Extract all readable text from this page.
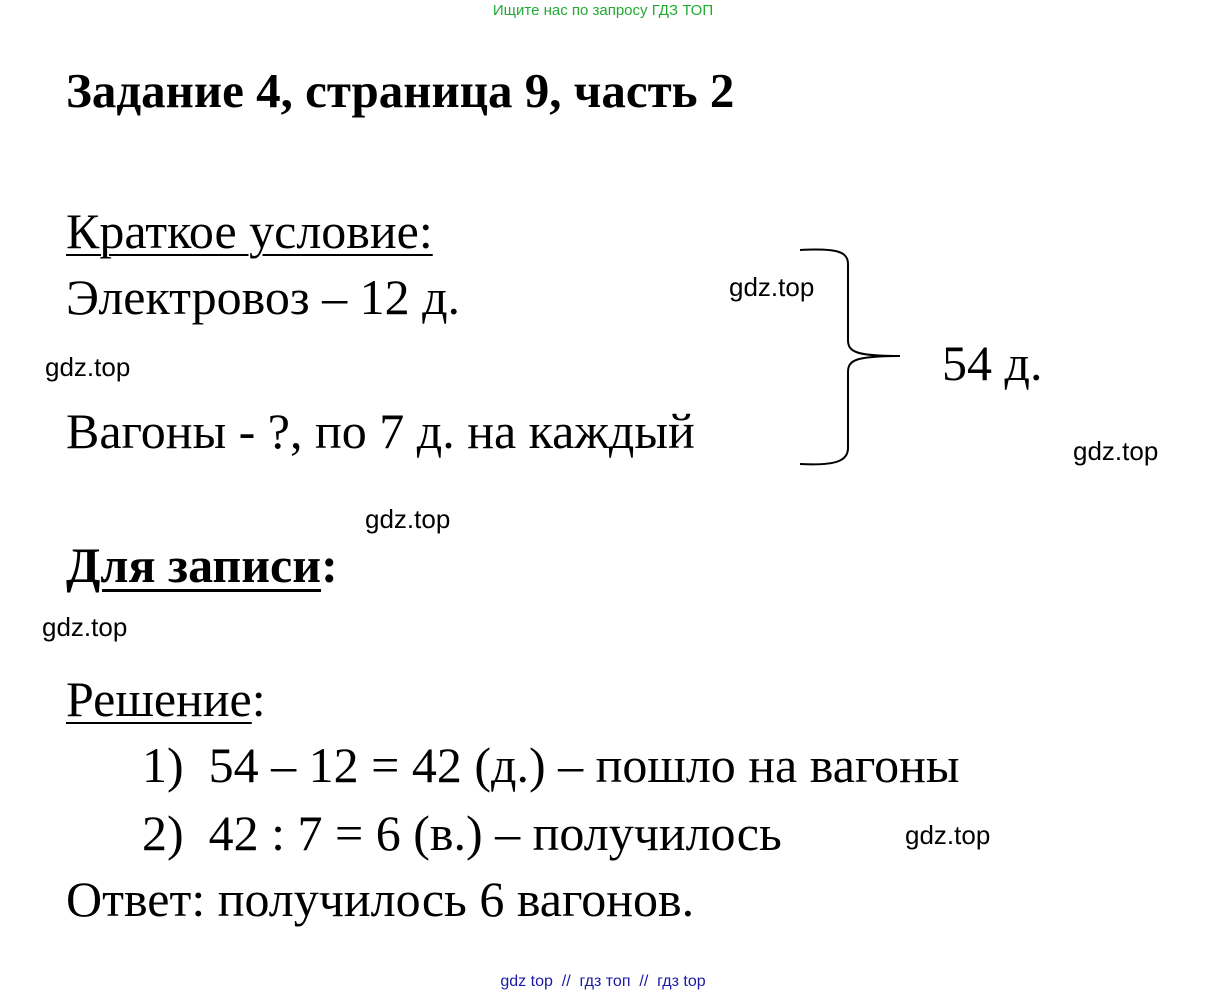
Ищите нас по запросу ГДЗ ТОП
Задание 4, страница 9, часть 2
Краткое условие:
Электровоз – 12 д.
Вагоны - ?, по 7 д. на каждый
54 д.
Для записи:
Решение:
1)  54 – 12 = 42 (д.) – пошло на вагоны
2)  42 : 7 = 6 (в.) – получилось
Ответ: получилось 6 вагонов.
gdz.top
gdz.top
gdz.top
gdz.top
gdz.top
gdz.top
gdz top  //  гдз топ  //  гдз top
